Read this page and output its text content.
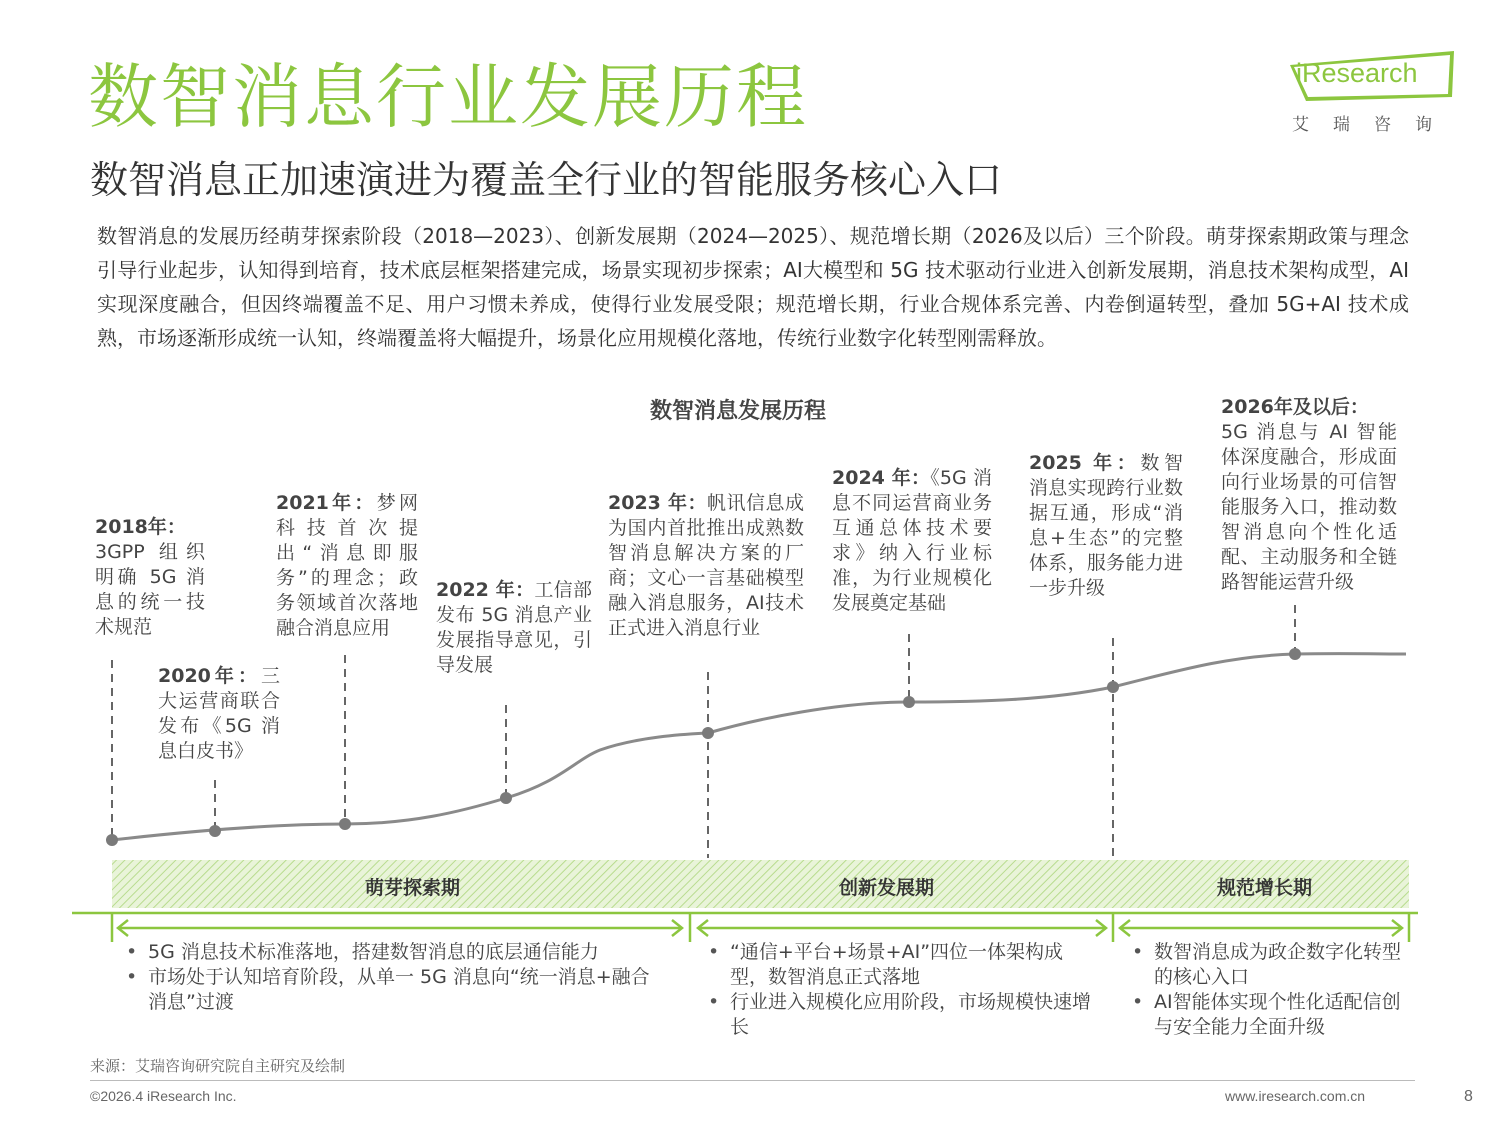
数智消息行业发展历程
数智消息正加速演进为覆盖全行业的智能服务核心入口
iResearch
艾瑞咨询
数智消息的发展历经萌芽探索阶段（2018—2023）、创新发展期（2024—2025）、规范增长期（2026及以后）三个阶段。萌芽探索期政策与理念引导行业起步，认知得到培育，技术底层框架搭建完成，场景实现初步探索；AI大模型和 5G 技术驱动行业进入创新发展期，消息技术架构成型，AI 实现深度融合，但因终端覆盖不足、用户习惯未养成，使得行业发展受限；规范增长期，行业合规体系完善、内卷倒逼转型，叠加 5G+AI 技术成熟，市场逐渐形成统一认知，终端覆盖将大幅提升，场景化应用规模化落地，传统行业数字化转型刚需释放。
数智消息发展历程
2018年：
3GPP 组织明确 5G 消息的统一技术规范
2020年：三大运营商联合发布《5G 消息白皮书》
2021年：梦网科技首次提出“消息即服务”的理念；政务领域首次落地融合消息应用
2022 年：工信部发布 5G 消息产业发展指导意见，引导发展
2023 年：帆讯信息成为国内首批推出成熟数智消息解决方案的厂商；文心一言基础模型融入消息服务，AI技术正式进入消息行业
2024 年：《5G 消息不同运营商业务互通总体技术要求》纳入行业标准，为行业规模化发展奠定基础
2025 年：数智消息实现跨行业数据互通，形成“消息+生态”的完整体系，服务能力进一步升级
2026年及以后：
5G 消息与 AI 智能体深度融合，形成面向行业场景的可信智能服务入口，推动数智消息向个性化适配、主动服务和全链路智能运营升级
萌芽探索期	创新发展期	规范增长期
• 5G 消息技术标准落地，搭建数智消息的底层通信能力
• 市场处于认知培育阶段，从单一 5G 消息向“统一消息+融合消息”过渡
• “通信+平台+场景+AI”四位一体架构成型，数智消息正式落地
• 行业进入规模化应用阶段，市场规模快速增长
• 数智消息成为政企数字化转型的核心入口
• AI智能体实现个性化适配信创与安全能力全面升级
来源：艾瑞咨询研究院自主研究及绘制
©2026.4 iResearch Inc.	www.iresearch.com.cn	8
